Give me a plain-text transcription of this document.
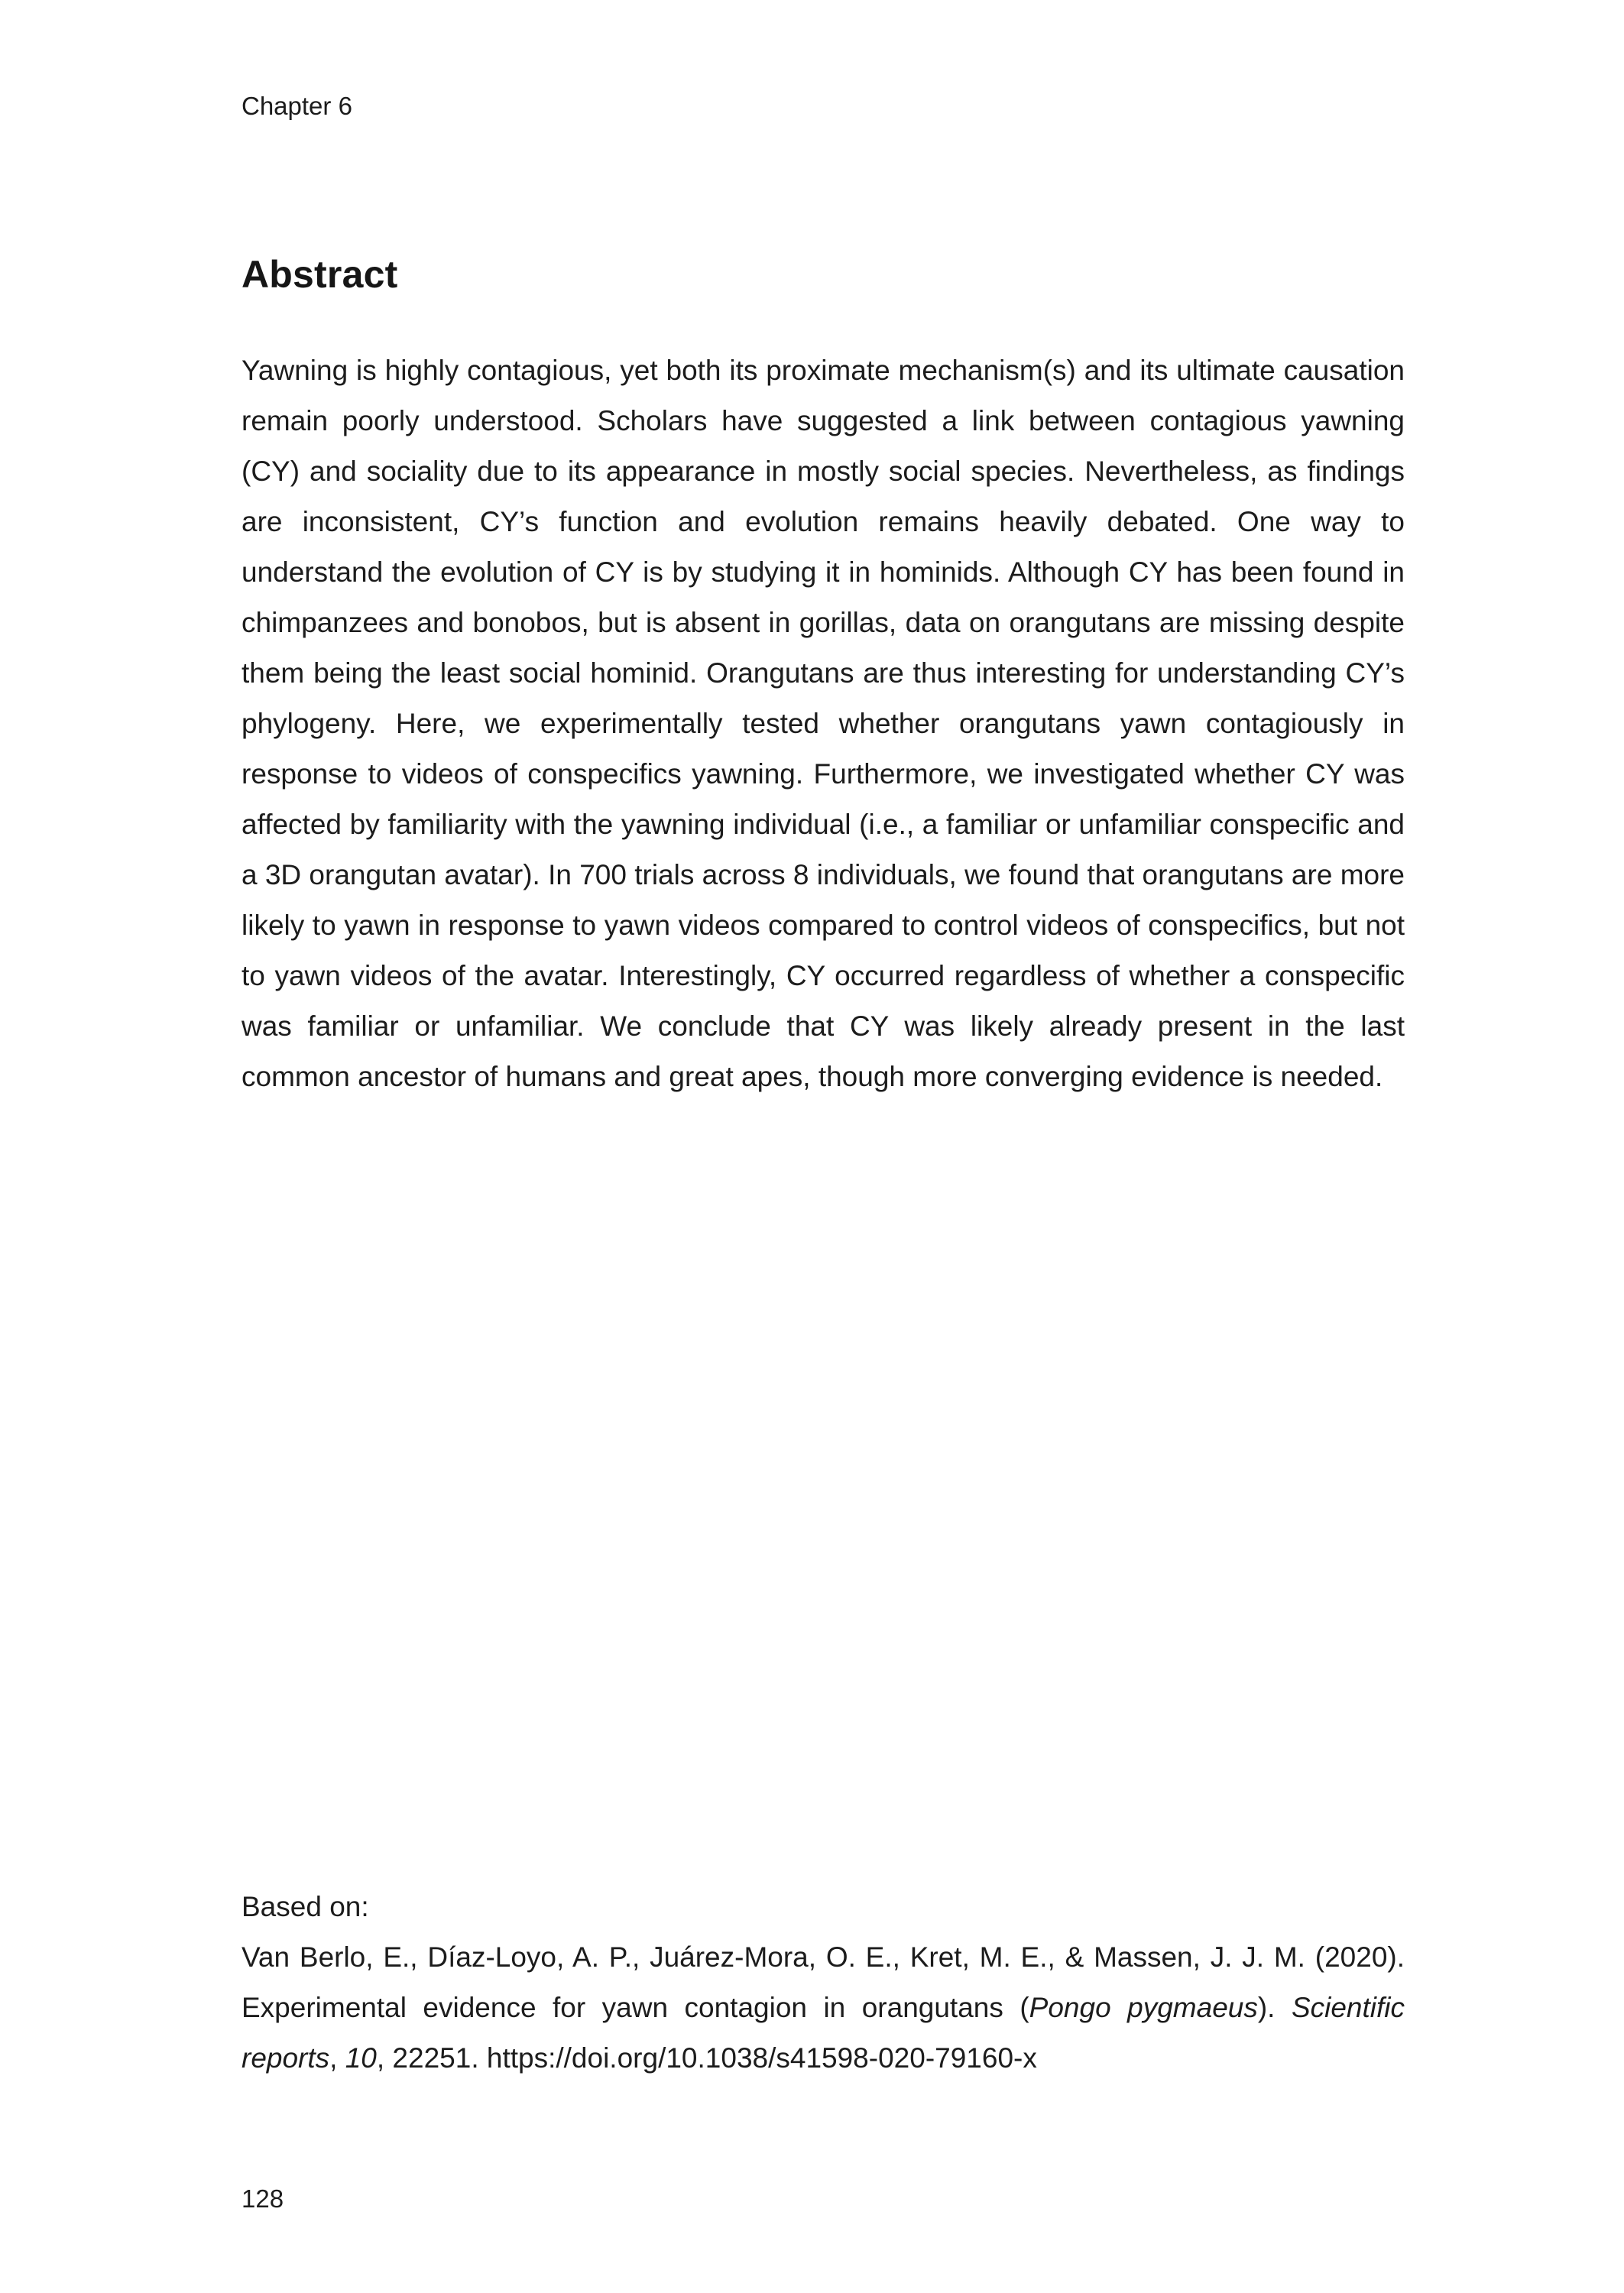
Chapter 6
Abstract

Yawning is highly contagious, yet both its proximate mechanism(s) and its ultimate causation remain poorly understood. Scholars have suggested a link between contagious yawning (CY) and sociality due to its appearance in mostly social species. Nevertheless, as findings are inconsistent, CY’s function and evolution remains heavily debated. One way to understand the evolution of CY is by studying it in hominids. Although CY has been found in chimpanzees and bonobos, but is absent in gorillas, data on orangutans are missing despite them being the least social hominid. Orangutans are thus interesting for understanding CY’s phylogeny. Here, we experimentally tested whether orangutans yawn contagiously in response to videos of conspecifics yawning. Furthermore, we investigated whether CY was affected by familiarity with the yawning individual (i.e., a familiar or unfamiliar conspecific and a 3D orangutan avatar). In 700 trials across 8 individuals, we found that orangutans are more likely to yawn in response to yawn videos compared to control videos of conspecifics, but not to yawn videos of the avatar. Interestingly, CY occurred regardless of whether a conspecific was familiar or unfamiliar. We conclude that CY was likely already present in the last common ancestor of humans and great apes, though more converging evidence is needed.

Based on:

Van Berlo, E., Díaz-Loyo, A. P., Juárez-Mora, O. E., Kret, M. E., & Massen, J. J. M. (2020). Experimental evidence for yawn contagion in orangutans (Pongo pygmaeus). Scientific reports, 10, 22251. https://doi.org/10.1038/s41598-020-79160-x

128
